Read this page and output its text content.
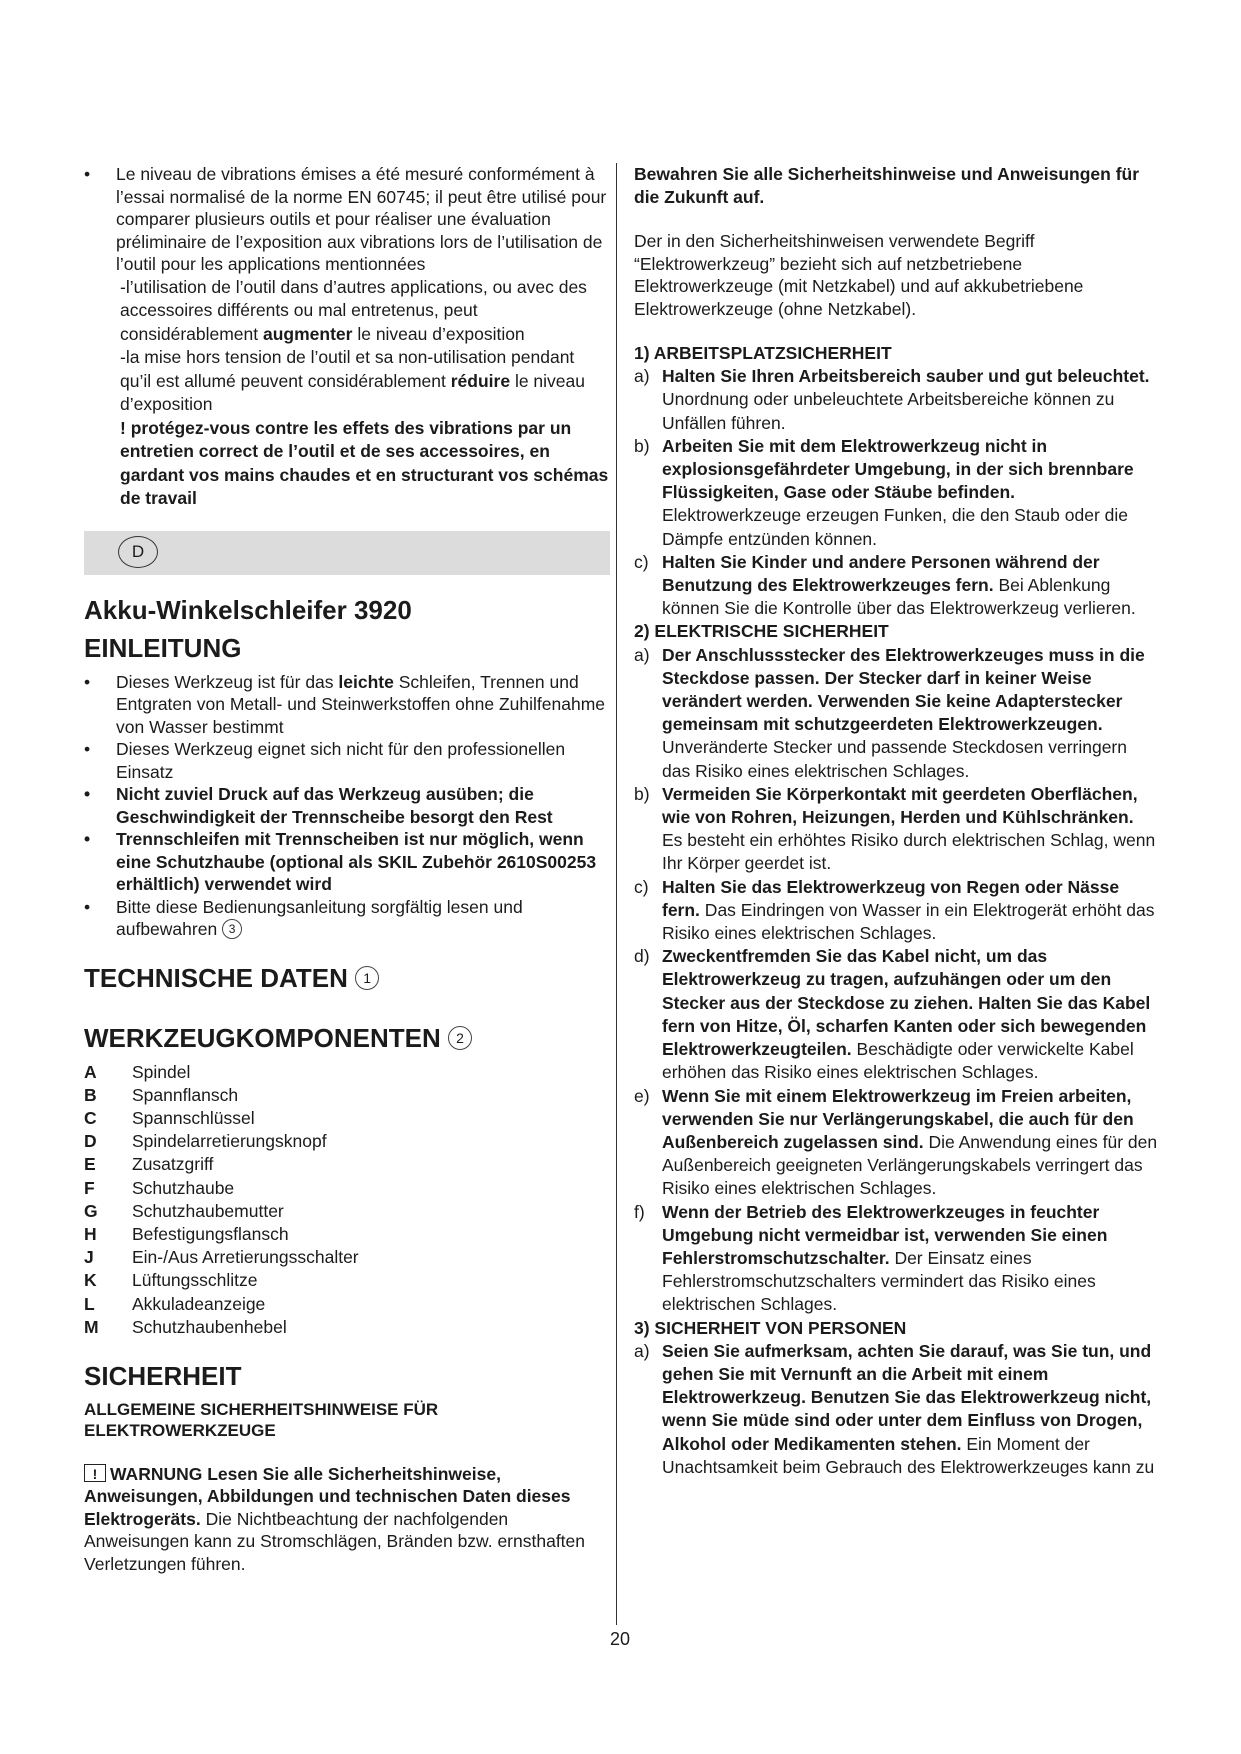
• Le niveau de vibrations émises a été mesuré conformément à l’essai normalisé de la norme EN 60745; il peut être utilisé pour comparer plusieurs outils et pour réaliser une évaluation préliminaire de l’exposition aux vibrations lors de l’utilisation de l’outil pour les applications mentionnées

-l’utilisation de l’outil dans d’autres applications, ou avec des accessoires différents ou mal entretenus, peut considérablement augmenter le niveau d’exposition

-la mise hors tension de l’outil et sa non-utilisation pendant qu’il est allumé peuvent considérablement réduire le niveau d’exposition

! protégez-vous contre les effets des vibrations par un entretien correct de l’outil et de ses accessoires, en gardant vos mains chaudes et en structurant vos schémas de travail

D
Akku-Winkelschleifer 3920
EINLEITUNG

• Dieses Werkzeug ist für das leichte Schleifen, Trennen und Entgraten von Metall- und Steinwerkstoffen ohne Zuhilfenahme von Wasser bestimmt

• Dieses Werkzeug eignet sich nicht für den professionellen Einsatz

• Nicht zuviel Druck auf das Werkzeug ausüben; die Geschwindigkeit der Trennscheibe besorgt den Rest

• Trennschleifen mit Trennscheiben ist nur möglich, wenn eine Schutzhaube (optional als SKIL Zubehör 2610S00253 erhältlich) verwendet wird

• Bitte diese Bedienungsanleitung sorgfältig lesen und aufbewahren 3

TECHNISCHE DATEN 1
WERKZEUGKOMPONENTEN 2
A	Spindel
B	Spannflansch
C	Spannschlüssel
D	Spindelarretierungsknopf
E	Zusatzgriff
F	Schutzhaube
G	Schutzhaubemutter
H	Befestigungsflansch
J	Ein-/Aus Arretierungsschalter
K	Lüftungsschlitze
L	Akkuladeanzeige
M	Schutzhaubenhebel
SICHERHEIT
ALLGEMEINE SICHERHEITSHINWEISE FÜR ELEKTROWERKZEUGE

!WARNUNG Lesen Sie alle Sicherheitshinweise, Anweisungen, Abbildungen und technischen Daten dieses Elektrogeräts. Die Nichtbeachtung der nachfolgenden Anweisungen kann zu Stromschlägen, Bränden bzw. ernsthaften Verletzungen führen.

Bewahren Sie alle Sicherheitshinweise und Anweisungen für die Zukunft auf.

Der in den Sicherheitshinweisen verwendete Begriff “Elektrowerkzeug” bezieht sich auf netzbetriebene Elektrowerkzeuge (mit Netzkabel) und auf akkubetriebene Elektrowerkzeuge (ohne Netzkabel).

1) ARBEITSPLATZSICHERHEIT

a) Halten Sie Ihren Arbeitsbereich sauber und gut beleuchtet. Unordnung oder unbeleuchtete Arbeitsbereiche können zu Unfällen führen.

b) Arbeiten Sie mit dem Elektrowerkzeug nicht in explosionsgefährdeter Umgebung, in der sich brennbare Flüssigkeiten, Gase oder Stäube befinden. Elektrowerkzeuge erzeugen Funken, die den Staub oder die Dämpfe entzünden können.

c) Halten Sie Kinder und andere Personen während der Benutzung des Elektrowerkzeuges fern. Bei Ablenkung können Sie die Kontrolle über das Elektrowerkzeug verlieren.

2) ELEKTRISCHE SICHERHEIT

a) Der Anschlussstecker des Elektrowerkzeuges muss in die Steckdose passen. Der Stecker darf in keiner Weise verändert werden. Verwenden Sie keine Adapterstecker gemeinsam mit schutzgeerdeten Elektrowerkzeugen. Unveränderte Stecker und passende Steckdosen verringern das Risiko eines elektrischen Schlages.

b) Vermeiden Sie Körperkontakt mit geerdeten Oberflächen, wie von Rohren, Heizungen, Herden und Kühlschränken. Es besteht ein erhöhtes Risiko durch elektrischen Schlag, wenn Ihr Körper geerdet ist.

c) Halten Sie das Elektrowerkzeug von Regen oder Nässe fern. Das Eindringen von Wasser in ein Elektrogerät erhöht das Risiko eines elektrischen Schlages.

d) Zweckentfremden Sie das Kabel nicht, um das Elektrowerkzeug zu tragen, aufzuhängen oder um den Stecker aus der Steckdose zu ziehen. Halten Sie das Kabel fern von Hitze, Öl, scharfen Kanten oder sich bewegenden Elektrowerkzeugteilen. Beschädigte oder verwickelte Kabel erhöhen das Risiko eines elektrischen Schlages.

e) Wenn Sie mit einem Elektrowerkzeug im Freien arbeiten, verwenden Sie nur Verlängerungskabel, die auch für den Außenbereich zugelassen sind. Die Anwendung eines für den Außenbereich geeigneten Verlängerungskabels verringert das Risiko eines elektrischen Schlages.

f) Wenn der Betrieb des Elektrowerkzeuges in feuchter Umgebung nicht vermeidbar ist, verwenden Sie einen Fehlerstromschutzschalter. Der Einsatz eines Fehlerstromschutzschalters vermindert das Risiko eines elektrischen Schlages.

3) SICHERHEIT VON PERSONEN

a) Seien Sie aufmerksam, achten Sie darauf, was Sie tun, und gehen Sie mit Vernunft an die Arbeit mit einem Elektrowerkzeug. Benutzen Sie das Elektrowerkzeug nicht, wenn Sie müde sind oder unter dem Einfluss von Drogen, Alkohol oder Medikamenten stehen. Ein Moment der Unachtsamkeit beim Gebrauch des Elektrowerkzeuges kann zu

20
